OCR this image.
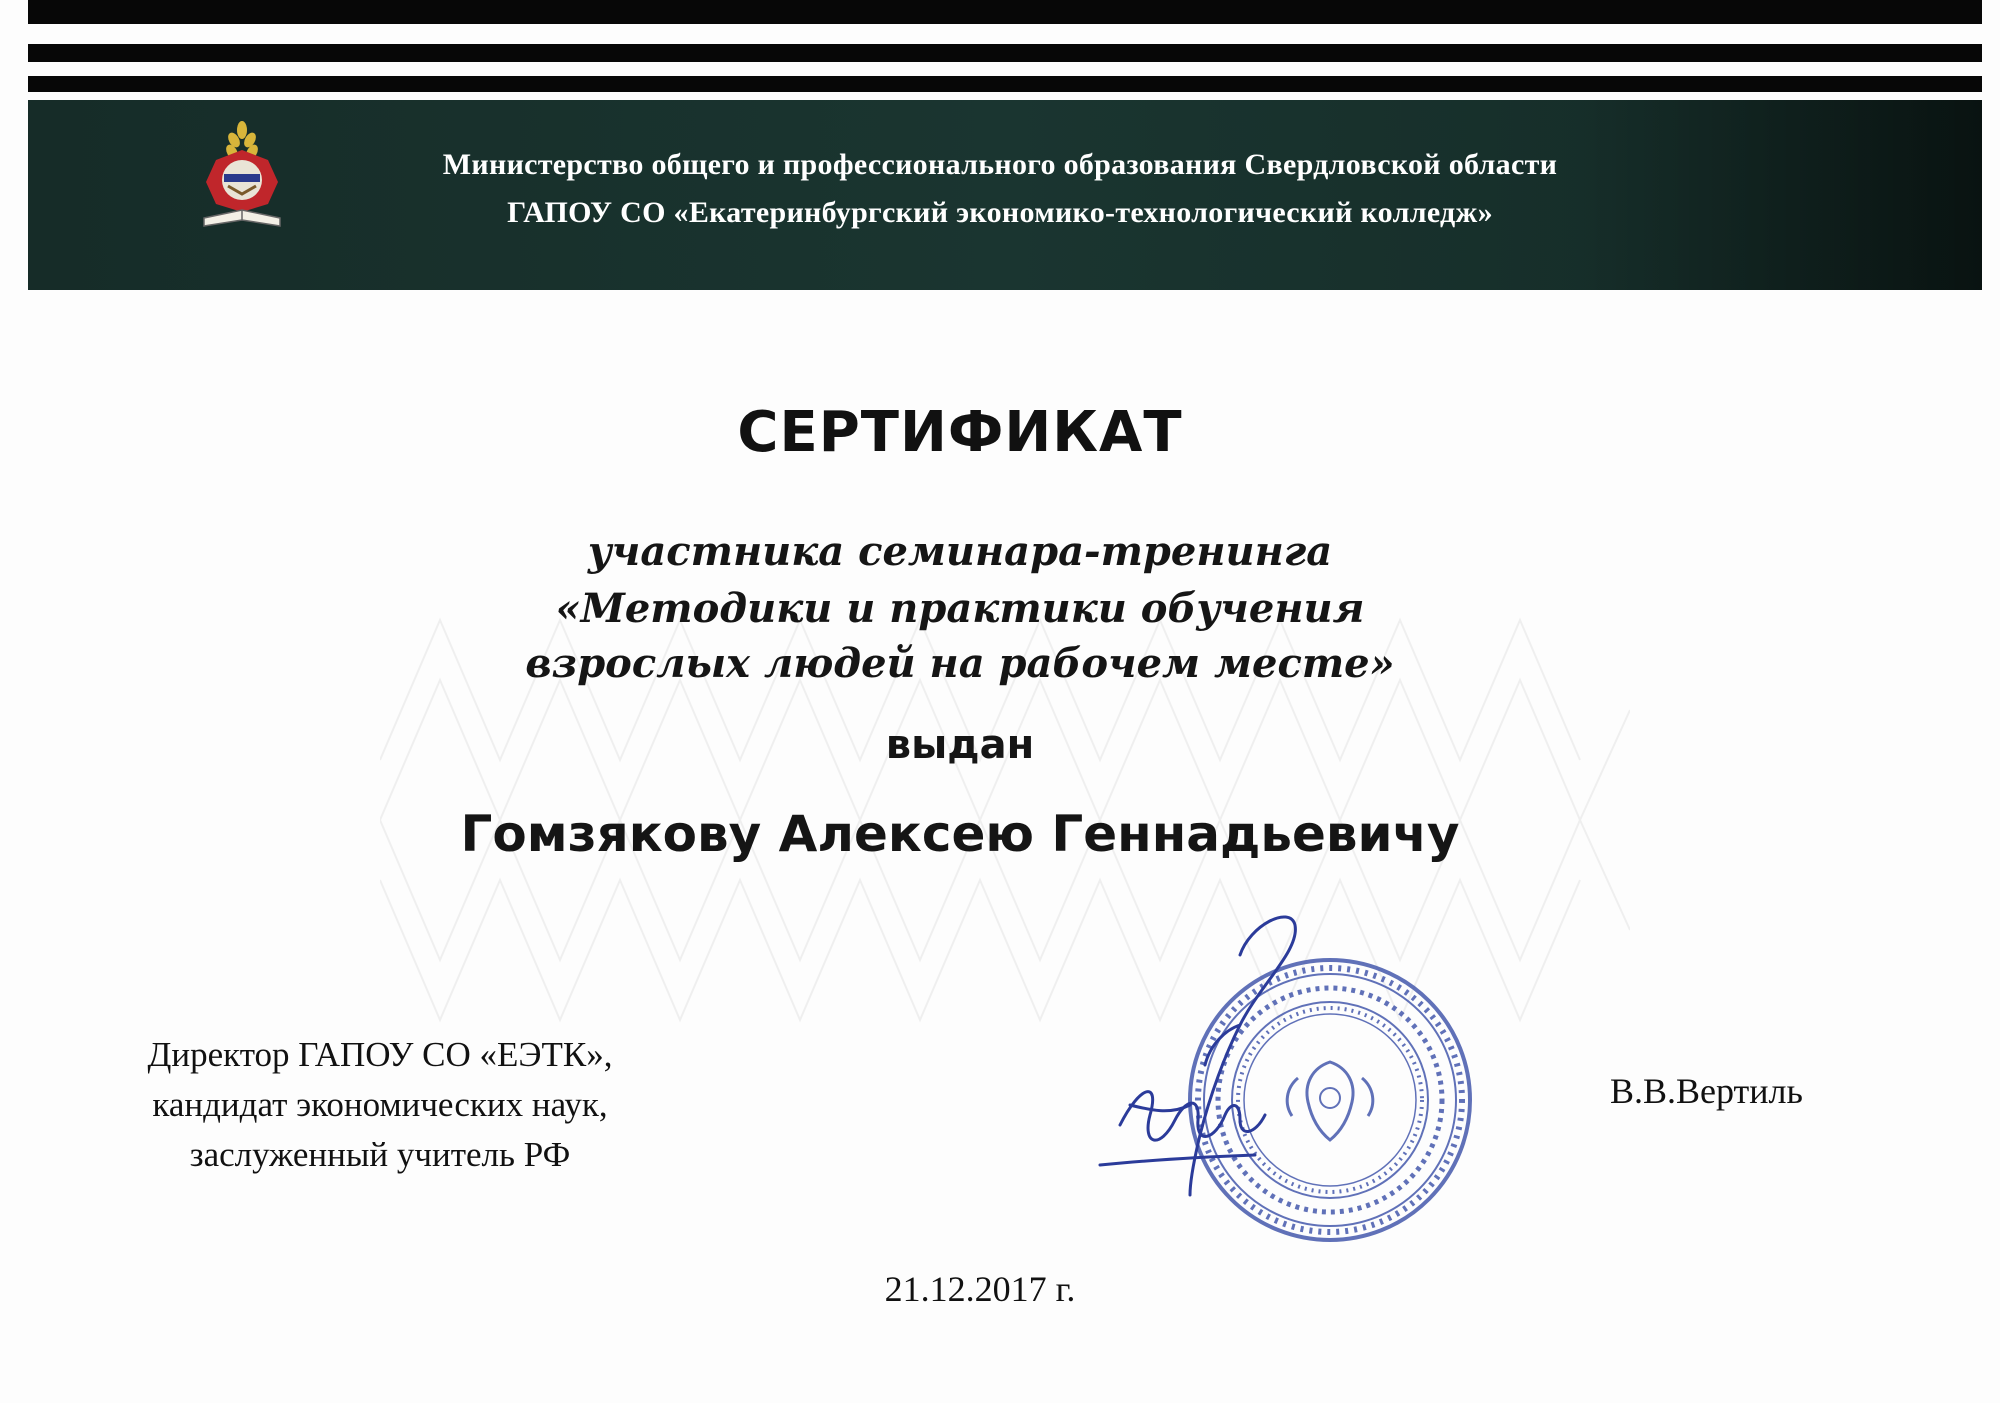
Министерство общего и профессионального образования Свердловской области
ГАПОУ СО «Екатеринбургский экономико-технологический колледж»
СЕРТИФИКАТ
участника семинара-тренинга
«Методики и практики обучения
взрослых людей на рабочем месте»
выдан
Гомзякову Алексею Геннадьевичу
Директор ГАПОУ СО «ЕЭТК»,
кандидат экономических наук,
заслуженный учитель РФ
В.В.Вертиль
21.12.2017 г.
